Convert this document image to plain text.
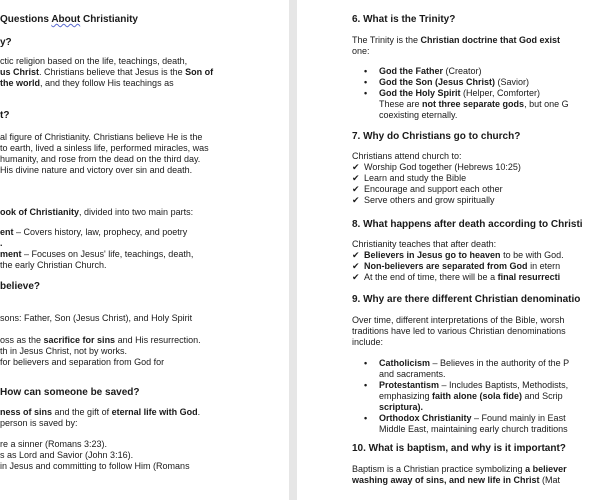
Questions About Christianity
y?
ctic religion based on the life, teachings, death,
us Christ. Christians believe that Jesus is the Son of
the world, and they follow His teachings as
t?
al figure of Christianity. Christians believe He is the
to earth, lived a sinless life, performed miracles, was
humanity, and rose from the dead on the third day.
His divine nature and victory over sin and death.
ook of Christianity, divided into two main parts:
ent – Covers history, law, prophecy, and poetry
.
ment – Focuses on Jesus' life, teachings, death,
the early Christian Church.
believe?
sons: Father, Son (Jesus Christ), and Holy Spirit
oss as the sacrifice for sins and His resurrection.
th in Jesus Christ, not by works.
for believers and separation from God for
How can someone be saved?
ness of sins and the gift of eternal life with God.
person is saved by:
re a sinner (Romans 3:23).
s as Lord and Savior (John 3:16).
in Jesus and committing to follow Him (Romans
6. What is the Trinity?
The Trinity is the Christian doctrine that God exist
one:
• God the Father (Creator)
• God the Son (Jesus Christ) (Savior)
• God the Holy Spirit (Helper, Comforter)
These are not three separate gods, but one G
coexisting eternally.
7. Why do Christians go to church?
Christians attend church to:
✔ Worship God together (Hebrews 10:25)
✔ Learn and study the Bible
✔ Encourage and support each other
✔ Serve others and grow spiritually
8. What happens after death according to Christi
Christianity teaches that after death:
✔ Believers in Jesus go to heaven to be with God.
✔ Non-believers are separated from God in etern
✔ At the end of time, there will be a final resurrecti
9. Why are there different Christian denominatio
Over time, different interpretations of the Bible, worsh
traditions have led to various Christian denominations
include:
• Catholicism – Believes in the authority of the P
and sacraments.
• Protestantism – Includes Baptists, Methodists,
emphasizing faith alone (sola fide) and Scrip
scriptura).
• Orthodox Christianity – Found mainly in East
Middle East, maintaining early church traditions
10. What is baptism, and why is it important?
Baptism is a Christian practice symbolizing a believer
washing away of sins, and new life in Christ (Mat
